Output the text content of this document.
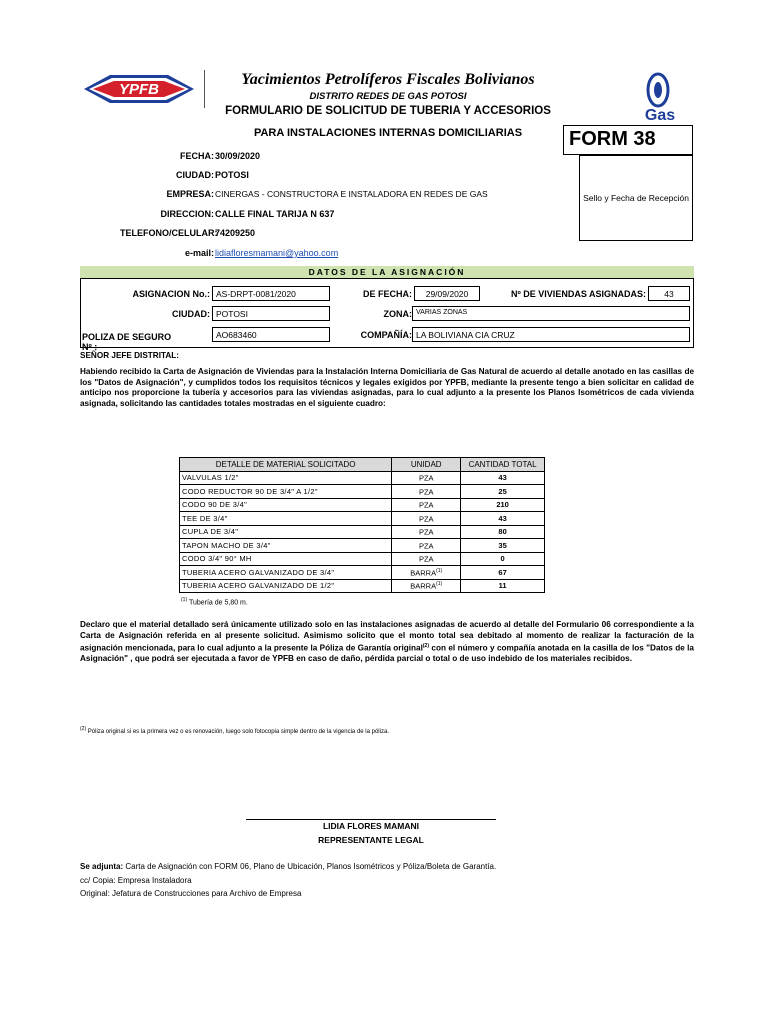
YPFB
Gas
Yacimientos Petrolíferos Fiscales Bolivianos
DISTRITO REDES DE GAS POTOSI
FORMULARIO DE SOLICITUD DE TUBERIA Y ACCESORIOS
PARA INSTALACIONES INTERNAS DOMICILIARIAS	FORM 38
Sello y Fecha de Recepción
FECHA: 30/09/2020
CIUDAD: POTOSI
EMPRESA: CINERGAS - CONSTRUCTORA E INSTALADORA EN REDES DE GAS
DIRECCION: CALLE FINAL TARIJA N 637
TELEFONO/CELULAR:
74209250
e-mail: lidiafloresmamani@yahoo.com
DATOS DE LA ASIGNACIÓN
ASIGNACION No.: AS-DRPT-0081/2020	DE FECHA:	29/09/2020	Nº DE VIVIENDAS ASIGNADAS:	43
CIUDAD: POTOSI	ZONA: VARIAS ZONAS
POLIZA DE SEGURO Nº :
AO683460	COMPAÑÍA: LA BOLIVIANA CIA CRUZ
SEÑOR JEFE DISTRITAL:
Habiendo recibido la Carta de Asignación de Viviendas para la Instalación Interna Domiciliaria de Gas Natural de acuerdo al detalle anotado en las casillas de los "Datos de Asignación", y cumplidos todos los requisitos técnicos y legales exigidos por YPFB, mediante la presente tengo a bien solicitar en calidad de anticipo nos proporcione la tubería y accesorios para las viviendas asignadas, para lo cual adjunto a la presente los Planos Isométricos de cada vivienda asignada, solicitando las cantidades totales mostradas en el siguiente cuadro:
DETALLE DE MATERIAL SOLICITADO	UNIDAD	CANTIDAD TOTAL
VALVULAS 1/2"	PZA	43
CODO REDUCTOR 90 DE 3/4" A 1/2"	PZA	25
CODO 90 DE 3/4"	PZA	210
TEE DE 3/4"	PZA	43
CUPLA DE 3/4"	PZA	80
TAPON MACHO DE 3/4"	PZA	35
CODO 3/4" 90° MH	PZA	0
TUBERIA ACERO GALVANIZADO DE 3/4"	BARRA$^{(1)}$	67
TUBERIA ACERO GALVANIZADO DE 1/2"	BARRA$^{(1)}$	11
$^{(1)}$ Tubería de 5,80 m.
Declaro que el material detallado será únicamente utilizado solo en las instalaciones asignadas de acuerdo al detalle del Formulario 06 correspondiente a la Carta de Asignación referida en al presente solicitud. Asimismo solicito que el monto total sea debitado al momento de realizar la facturación de la asignación mencionada, para lo cual adjunto a la presente la Póliza de Garantía original$^{(2)}$ con el número y compañía anotada en la casilla de los "Datos de la Asignación" , que podrá ser ejecutada a favor de YPFB en caso de daño, pérdida parcial o total o de uso indebido de los materiales recibidos.
$^{(2)}$ Póliza original si es la primera vez o es renovación, luego solo fotocopia simple dentro de la vigencia de la póliza.
LIDIA FLORES MAMANI
REPRESENTANTE LEGAL
Se adjunta: Carta de Asignación con FORM 06, Plano de Ubicación, Planos Isométricos y Póliza/Boleta de Garantía.
cc/ Copia: Empresa Instaladora
Original: Jefatura de Construcciones para Archivo de Empresa
